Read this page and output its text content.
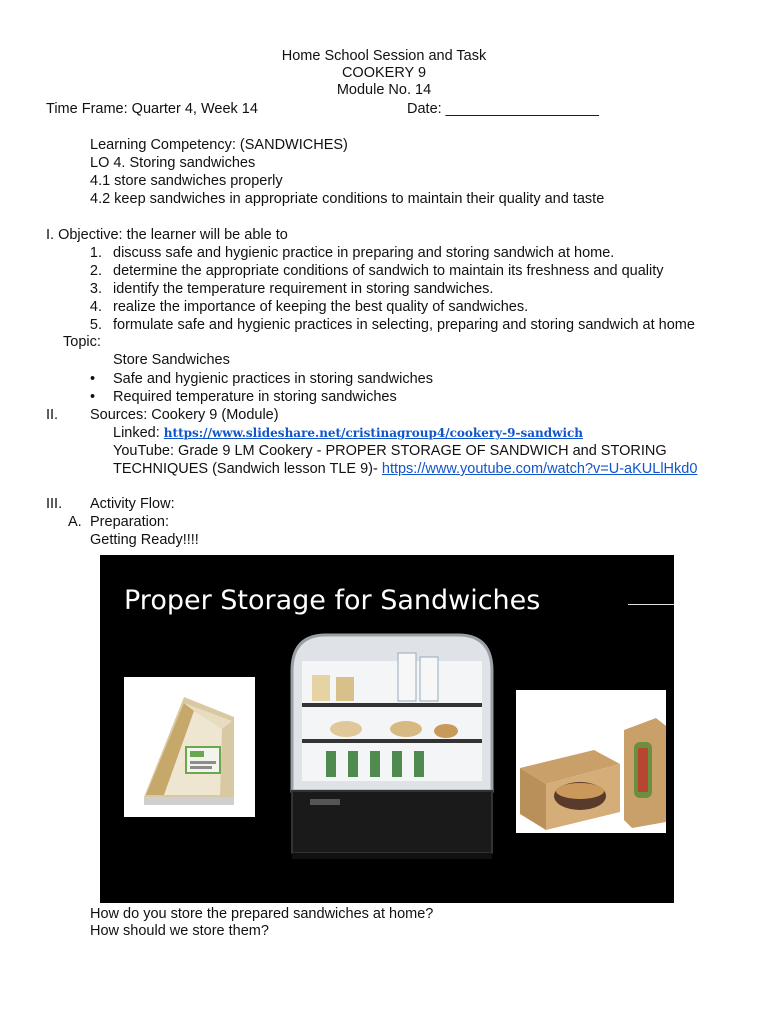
Home School Session and Task
COOKERY 9
Module No. 14
Time Frame: Quarter 4, Week 14	Date: ___________________
Learning Competency: (SANDWICHES)
LO 4. Storing sandwiches
4.1 store sandwiches properly
4.2 keep sandwiches in appropriate conditions to maintain their quality and taste
I. Objective: the learner will be able to
1. discuss safe and hygienic practice in preparing and storing sandwich at home.
2. determine the appropriate conditions of sandwich to maintain its freshness and quality
3. identify the temperature requirement in storing sandwiches.
4. realize the importance of keeping the best quality of sandwiches.
5. formulate safe and hygienic practices in selecting, preparing and storing sandwich at home
Topic:
Store Sandwiches
• Safe and hygienic practices in storing sandwiches
• Required temperature in storing sandwiches
II. Sources: Cookery 9 (Module)
Linked: https://www.slideshare.net/cristinagroup4/cookery-9-sandwich
YouTube: Grade 9 LM Cookery - PROPER STORAGE OF SANDWICH and STORING
TECHNIQUES (Sandwich lesson TLE 9)- https://www.youtube.com/watch?v=U-aKULlHkd0
III. Activity Flow:
A. Preparation:
Getting Ready!!!!
Proper Storage for Sandwiches
How do you store the prepared sandwiches at home?
How should we store them?
